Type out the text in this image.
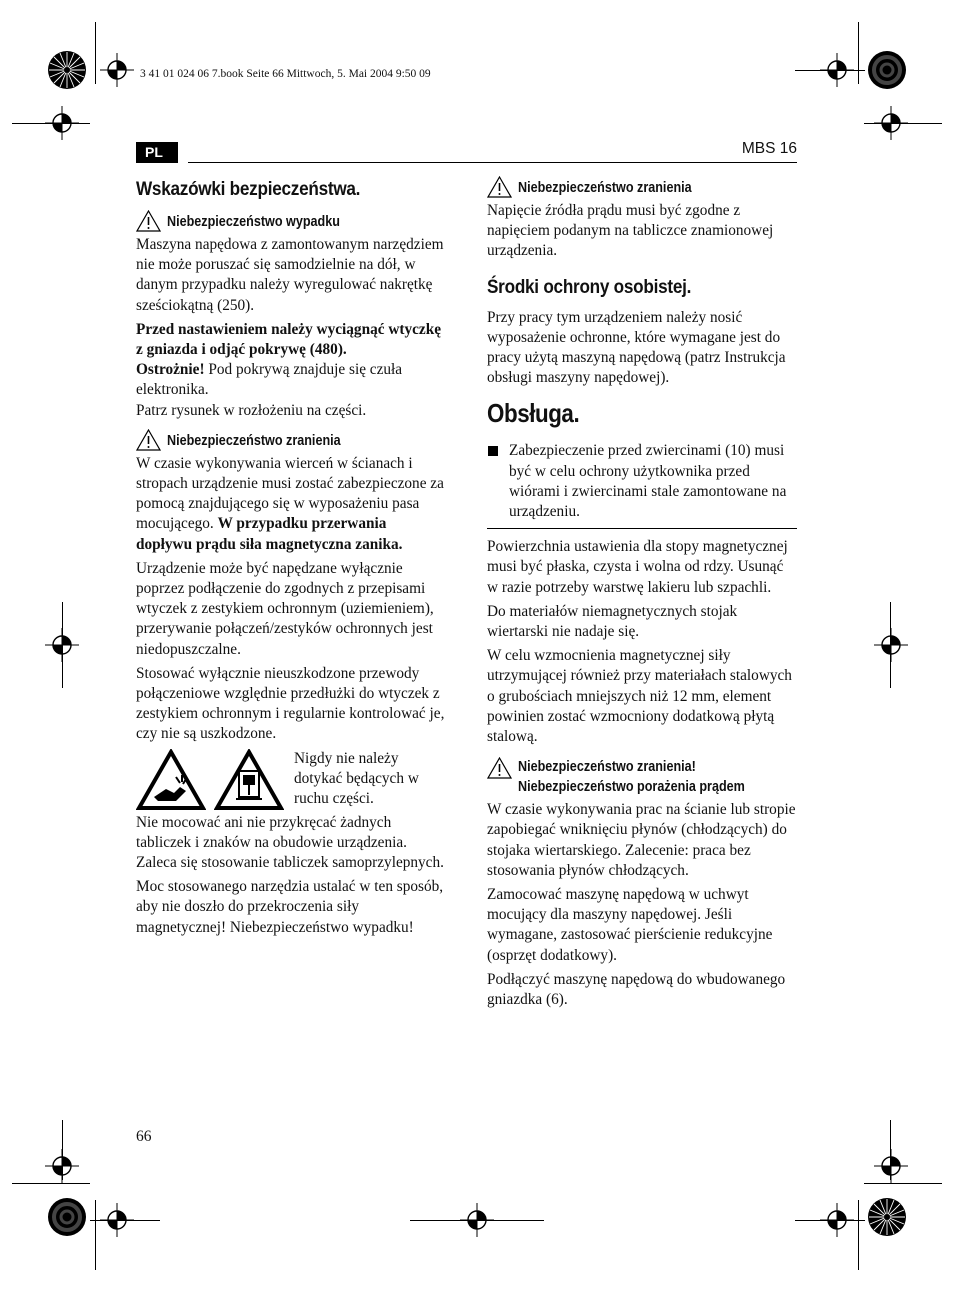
3 41 01 024 06 7.book Seite 66 Mittwoch, 5. Mai 2004 9:50 09
PL	MBS 16
Wskazówki bezpieczeństwa.
Niebezpieczeństwo wypadku

Maszyna napędowa z zamontowanym narzędziem nie może poruszać się samodzielnie na dół, w danym przypadku należy wyregulować nakrętkę sześciokątną (250).

Przed nastawieniem należy wyciągnąć wtyczkę z gniazda i odjąć pokrywę (480).

Ostrożnie! Pod pokrywą znajduje się czuła elektronika.

Patrz rysunek w rozłożeniu na części.

Niebezpieczeństwo zranienia

W czasie wykonywania wierceń w ścianach i stropach urządzenie musi zostać zabezpieczone za pomocą znajdującego się w wyposażeniu pasa mocującego. W przypadku przerwania dopływu prądu siła magnetyczna zanika.

Urządzenie może być napędzane wyłącznie poprzez podłączenie do zgodnych z przepisami wtyczek z zestykiem ochronnym (uziemieniem), przerywanie połączeń/zestyków ochronnych jest niedopuszczalne.

Stosować wyłącznie nieuszkodzone przewody połączeniowe względnie przedłużki do wtyczek z zestykiem ochronnym i regularnie kontrolować je, czy nie są uszkodzone.

Nigdy nie należy dotykać będących w ruchu części.

Nie mocować ani nie przykręcać żadnych tabliczek i znaków na obudowie urządzenia. Zaleca się stosowanie tabliczek samoprzylepnych.

Moc stosowanego narzędzia ustalać w ten sposób, aby nie doszło do przekroczenia siły magnetycznej! Niebezpieczeństwo wypadku!

Niebezpieczeństwo zranienia

Napięcie źródła prądu musi być zgodne z napięciem podanym na tabliczce znamionowej urządzenia.

Środki ochrony osobistej.

Przy pracy tym urządzeniem należy nosić wyposażenie ochronne, które wymagane jest do pracy użytą maszyną napędową (patrz Instrukcja obsługi maszyny napędowej).

Obsługa.
Zabezpieczenie przed zwiercinami (10) musi być w celu ochrony użytkownika przed wiórami i zwiercinami stale zamontowane na urządzeniu.

Powierzchnia ustawienia dla stopy magnetycznej musi być płaska, czysta i wolna od rdzy. Usunąć w razie potrzeby warstwę lakieru lub szpachli.

Do materiałów niemagnetycznych stojak wiertarski nie nadaje się.

W celu wzmocnienia magnetycznej siły utrzymującej również przy materiałach stalowych o grubościach mniejszych niż 12 mm, element powinien zostać wzmocniony dodatkową płytą stalową.

Niebezpieczeństwo zranienia!
Niebezpieczeństwo porażenia prądem

W czasie wykonywania prac na ścianie lub stropie zapobiegać wniknięciu płynów (chłodzących) do stojaka wiertarskiego. Zalecenie: praca bez stosowania płynów chłodzących.

Zamocować maszynę napędową w uchwyt mocujący dla maszyny napędowej. Jeśli wymagane, zastosować pierścienie redukcyjne (osprzęt dodatkowy).

Podłączyć maszynę napędową do wbudowanego gniazdka (6).

66
